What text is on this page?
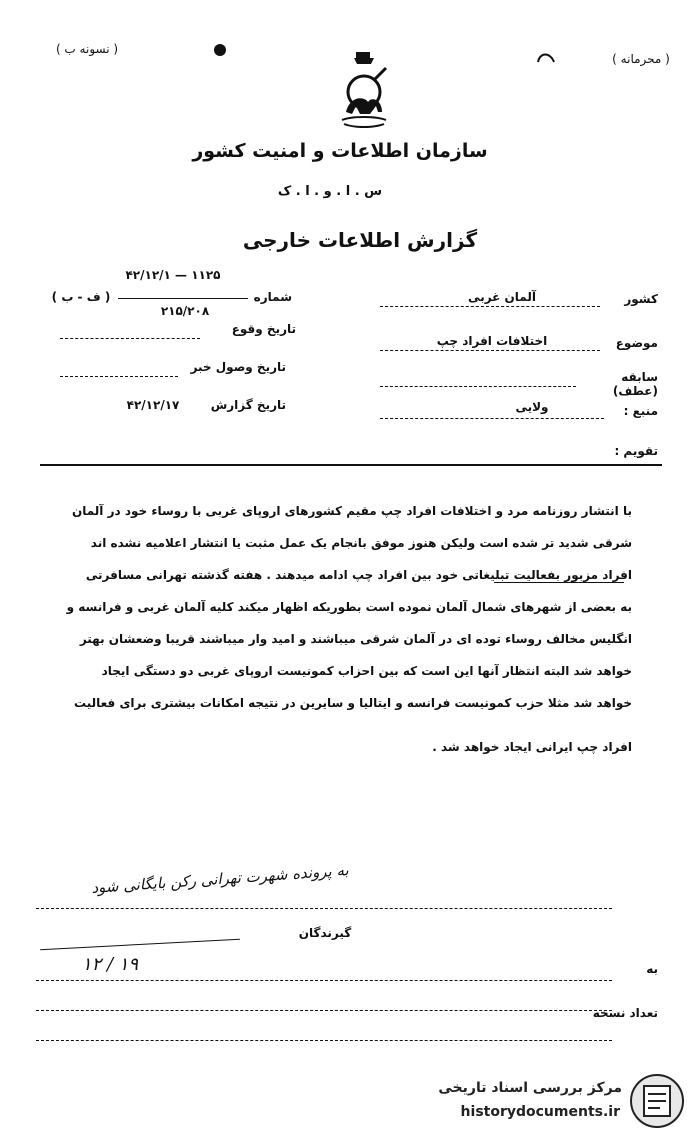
( نسونه ب )
( محرمانه )
سازمان اطلاعات و امنیت کشور
س . ا . و . ا . ک
گزارش اطلاعات خارجی
۴۲/۱۲/۱ — ۱۱۲۵
شماره
( ف - ب )
۲۱۵/۲۰۸
تاریخ وقوع
تاریخ وصول خبر
تاریخ گزارش
۴۲/۱۲/۱۷
کشور
آلمان غربی
موضوع
اختلافات افراد چپ
سابقه (عطف)
منبع :
ولایی
تقویم :
با انتشار روزنامه مرد و اختلافات افراد چپ مقیم کشورهای اروپای غربی با روساء خود در آلمان
شرقی شدید تر شده است ولیکن هنوز موفق بانجام یک عمل مثبت یا انتشار اعلامیه نشده اند
افراد مزبور بفعالیت تبلیغاتی خود بین افراد چپ ادامه میدهند . هفته گذشته تهرانی مسافرتی
به بعضی از شهرهای شمال آلمان نموده است بطوریکه اظهار میکند کلیه آلمان غربی و فرانسه و
انگلیس مخالف روساء توده ای در آلمان شرقی میباشند و امید وار میباشند قریبا وضعشان بهتر
خواهد شد البته انتظار آنها این است که بین احزاب کمونیست اروپای غربی دو دستگی ایجاد
خواهد شد مثلا حزب کمونیست فرانسه و ایتالیا و سایرین در نتیجه امکانات بیشتری برای فعالیت
افراد چپ ایرانی ایجاد خواهد شد .
به پرونده شهرت تهرانی رکن بایگانی شود
گیرندگان
۱۲ / ۱۹	به
تعداد نسخه
مرکز بررسی اسناد تاریخی
historydocuments.ir
